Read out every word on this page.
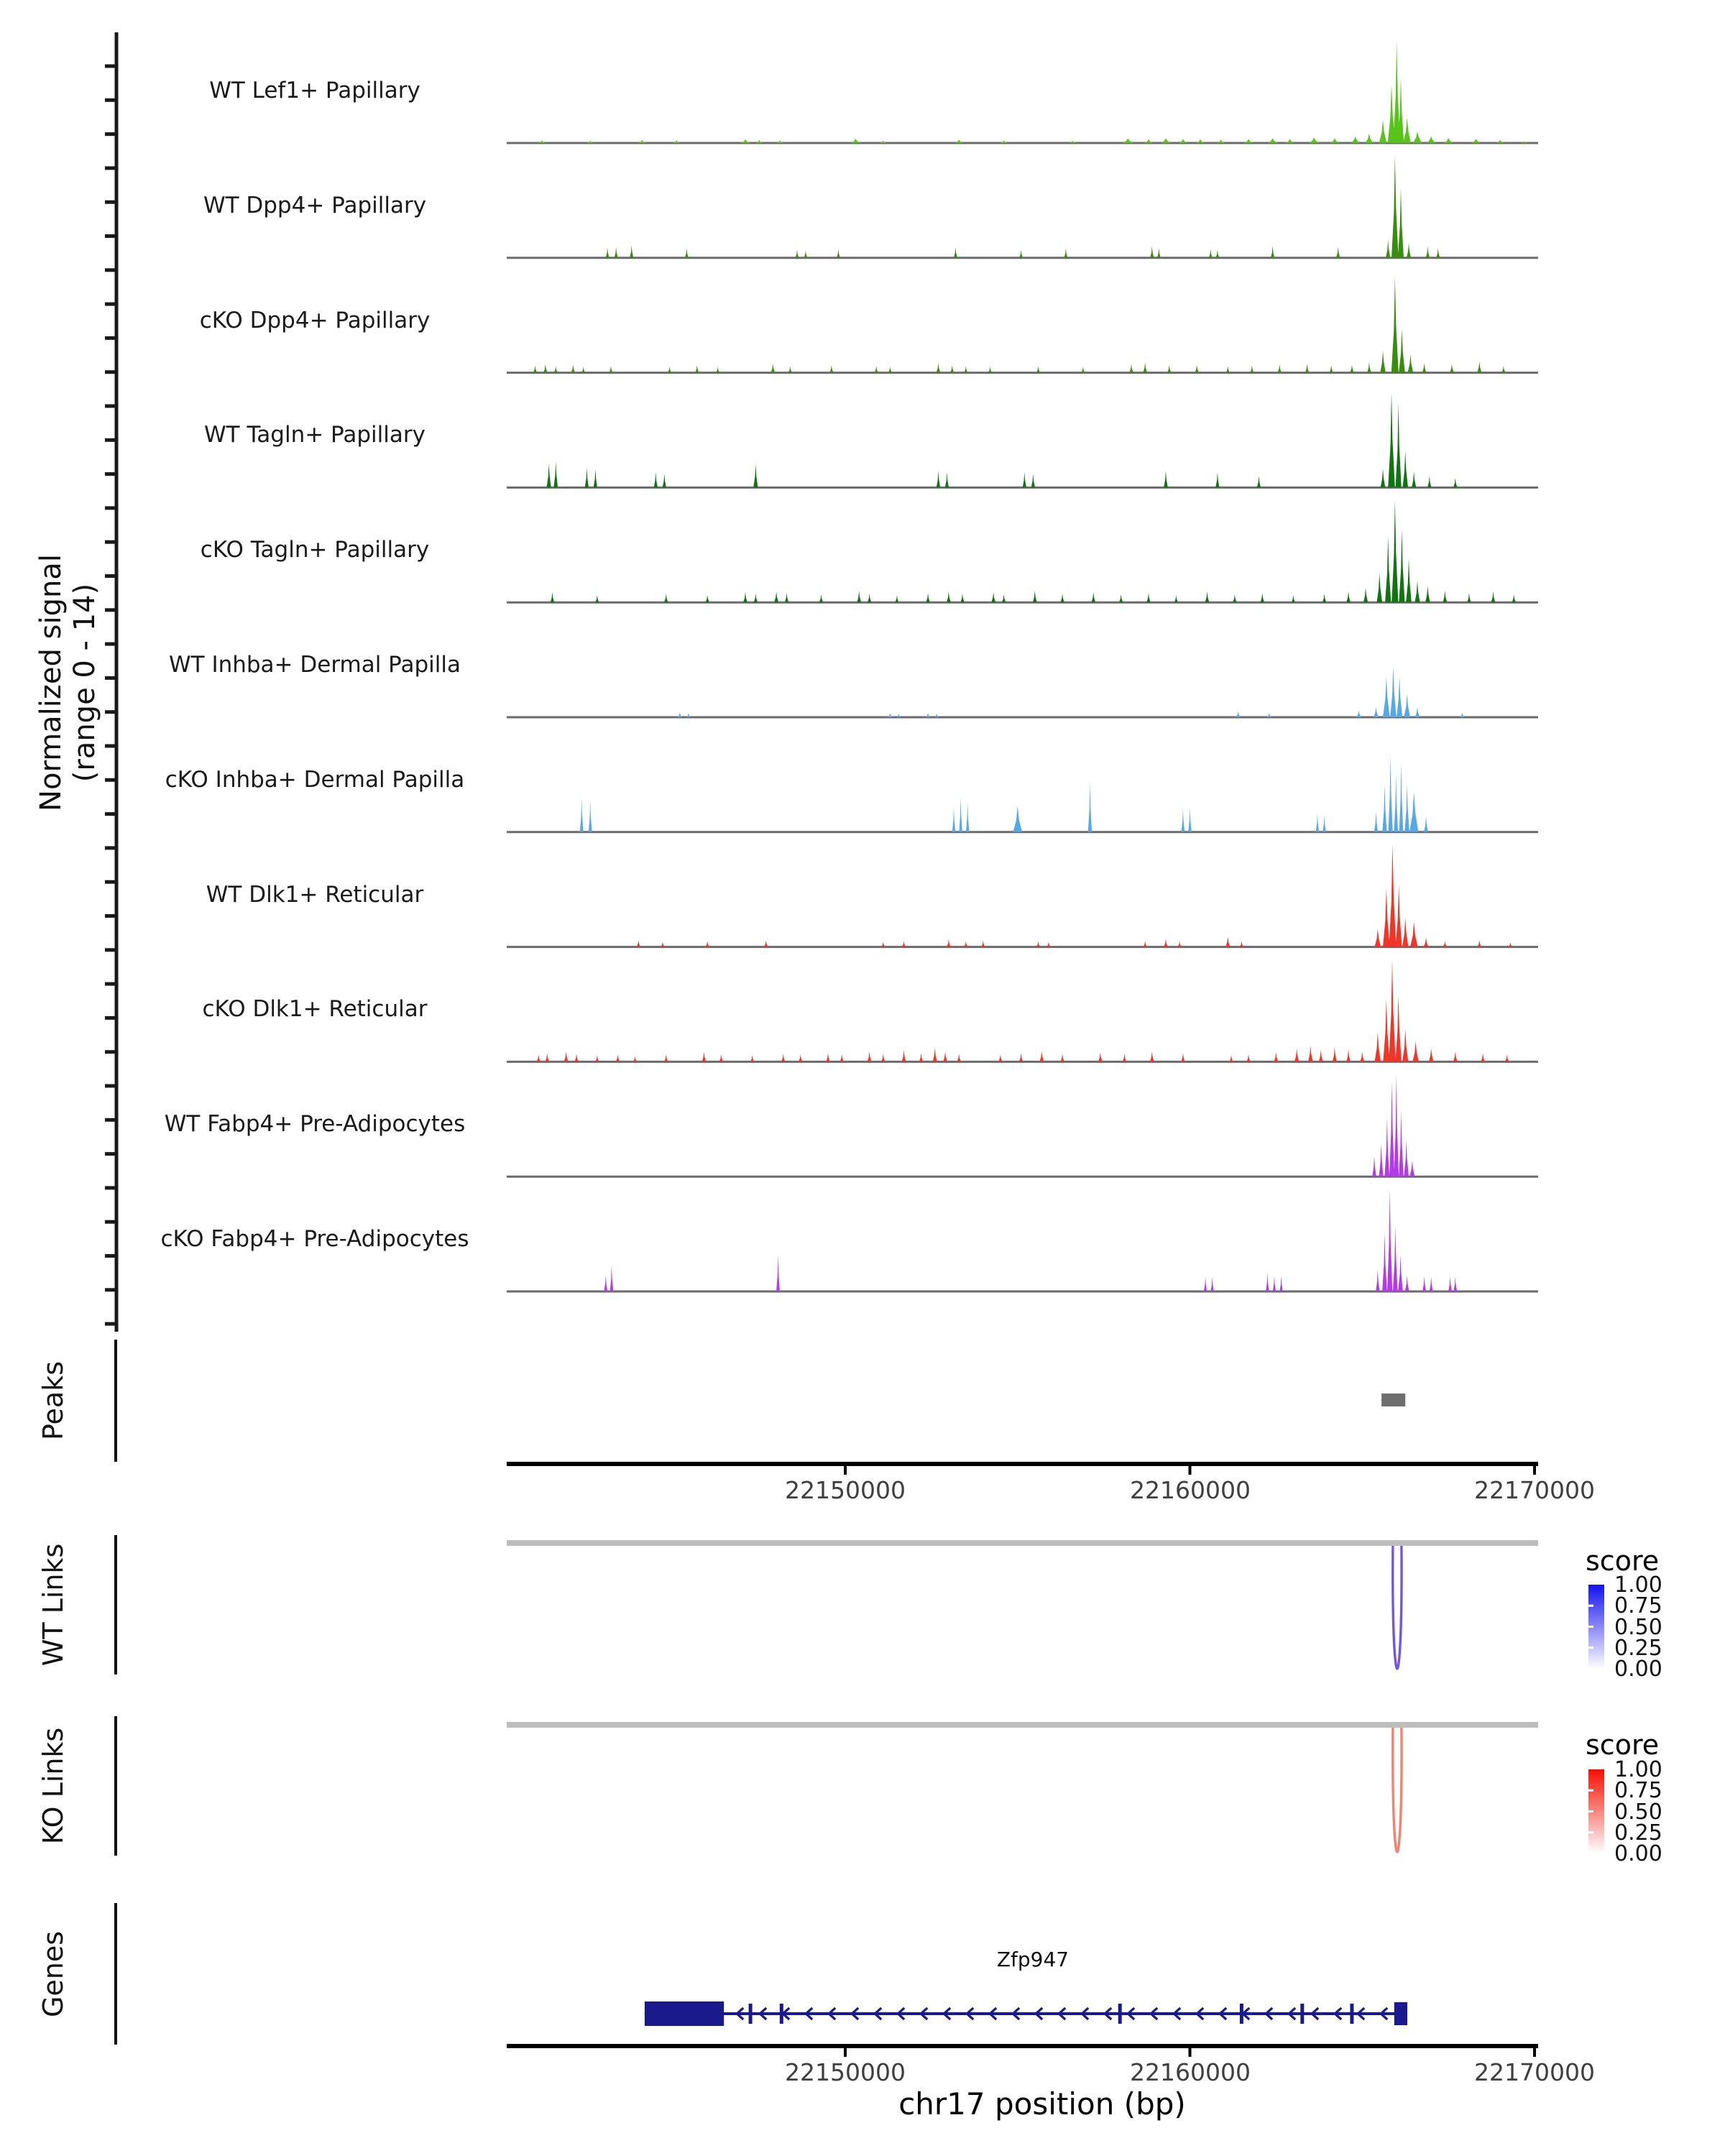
Normalized signal (range 0 - 14)
Peaks
WT Links
KO Links
Genes
score
score
Zfp947
chr17 position (bp)
WT Lef1+ Papillary
WT Dpp4+ Papillary
cKO Dpp4+ Papillary
WT Tagln+ Papillary
cKO Tagln+ Papillary
WT Inhba+ Dermal Papilla
cKO Inhba+ Dermal Papilla
WT Dlk1+ Reticular
cKO Dlk1+ Reticular
WT Fabp4+ Pre-Adipocytes
cKO Fabp4+ Pre-Adipocytes
22150000	22160000	22170000
1.00
0.75
0.50
0.25
0.00
1.00
0.75
0.50
0.25
0.00
22150000	22160000	22170000
